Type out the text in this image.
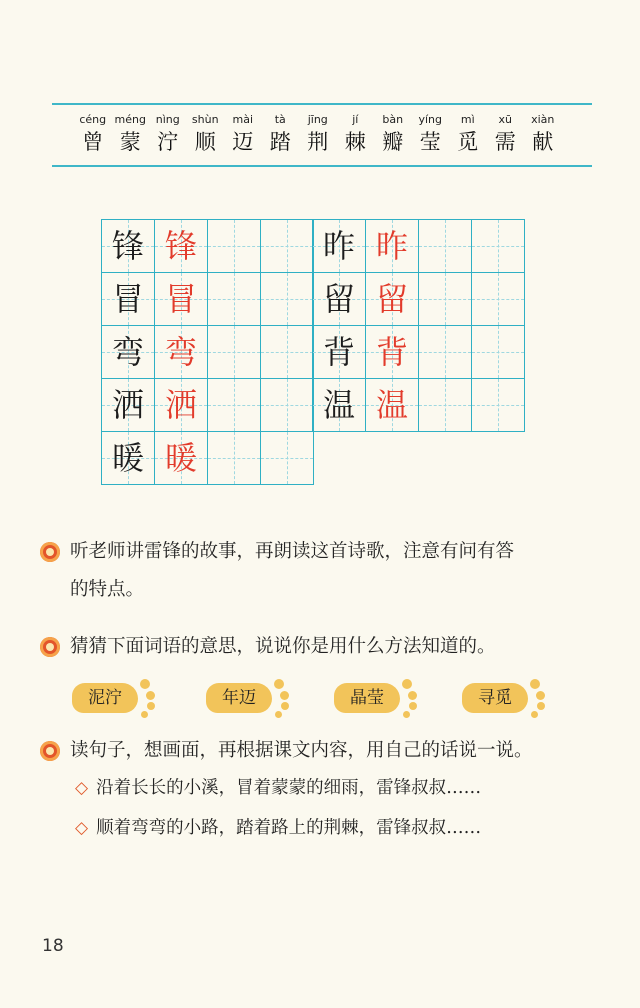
céng
曾
méng
蒙
nìng
泞
shùn
顺
mài
迈
tà
踏
jīng
荆
jí
棘
bàn
瓣
yíng
莹
mì
觅
xū
需
xiàn
献
锋 锋
冒 冒
弯 弯
洒 洒
暖 暖
昨 昨
留 留
背 背
温 温
听老师讲雷锋的故事，再朗读这首诗歌，注意有问有答
的特点。
猜猜下面词语的意思，说说你是用什么方法知道的。
泥泞	年迈	晶莹	寻觅
读句子，想画面，再根据课文内容，用自己的话说一说。
◇ 沿着长长的小溪，冒着蒙蒙的细雨，雷锋叔叔……
◇ 顺着弯弯的小路，踏着路上的荆棘，雷锋叔叔……
18
